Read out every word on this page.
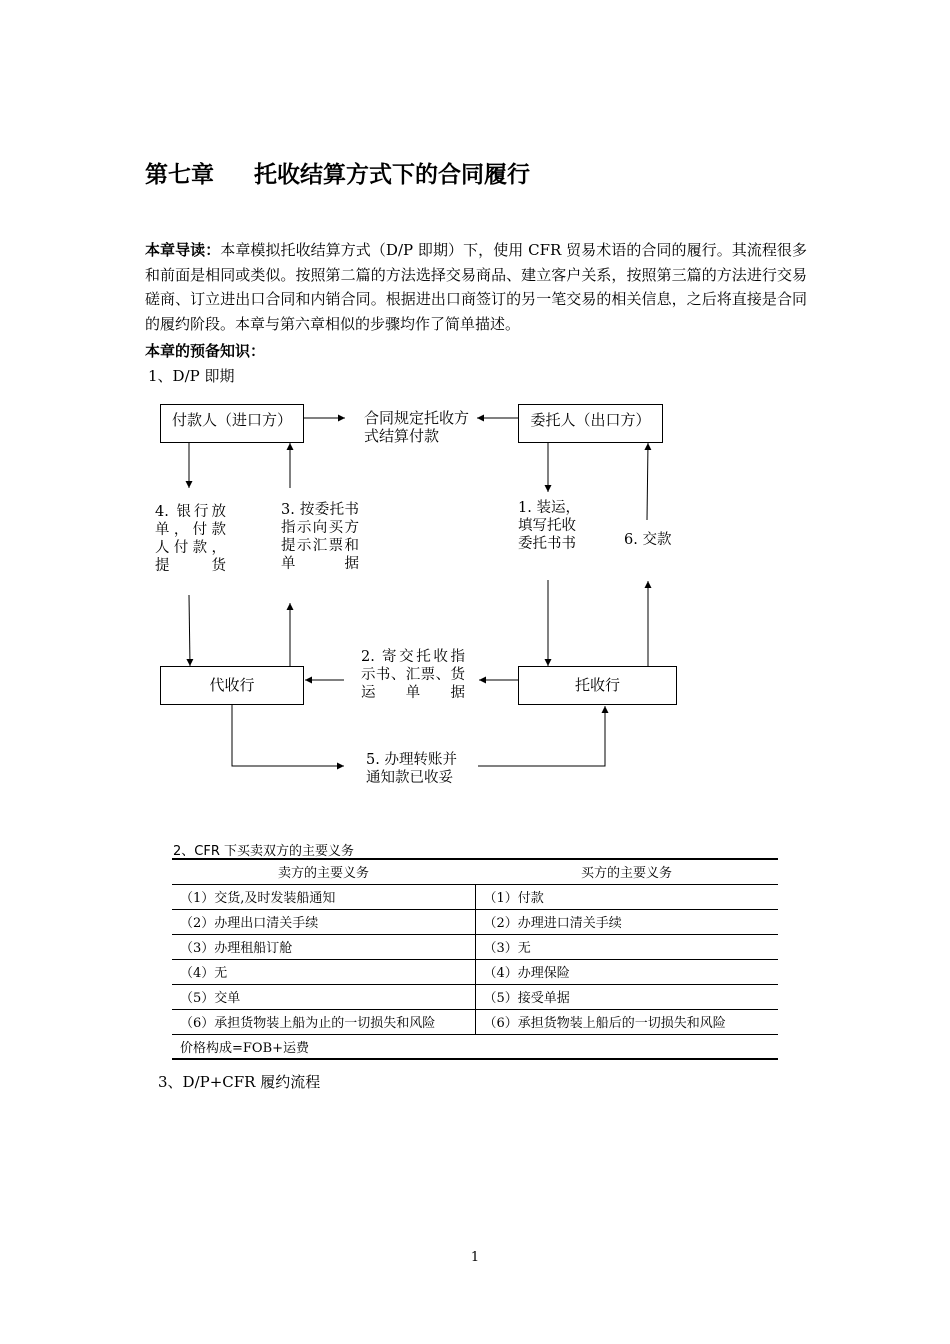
第七章 托收结算方式下的合同履行
本章导读：本章模拟托收结算方式（D/P 即期）下，使用 CFR 贸易术语的合同的履行。其流程很多和前面是相同或类似。按照第二篇的方法选择交易商品、建立客户关系，按照第三篇的方法进行交易磋商、订立进出口合同和内销合同。根据进出口商签订的另一笔交易的相关信息，之后将直接是合同的履约阶段。本章与第六章相似的步骤均作了简单描述。
本章的预备知识：
1、D/P 即期
付款人（进口方）	委托人（出口方）
代收行	托收行
合同规定托收方式结算付款
4. 银行放单，付款人付款，提货
3. 按委托书指示向买方提示汇票和单据
1. 装运，填写托收委托书书	6. 交款
2. 寄交托收指示书、汇票、货运单据
5. 办理转账并通知款已收妥
2、CFR 下买卖双方的主要义务
卖方的主要义务	买方的主要义务
（1）交货,及时发装船通知	（1）付款
（2）办理出口清关手续	（2）办理进口清关手续
（3）办理租船订舱	（3）无
（4）无	（4）办理保险
（5）交单	（5）接受单据
（6）承担货物装上船为止的一切损失和风险	（6）承担货物装上船后的一切损失和风险
价格构成=FOB+运费	
3、D/P+CFR 履约流程
1
